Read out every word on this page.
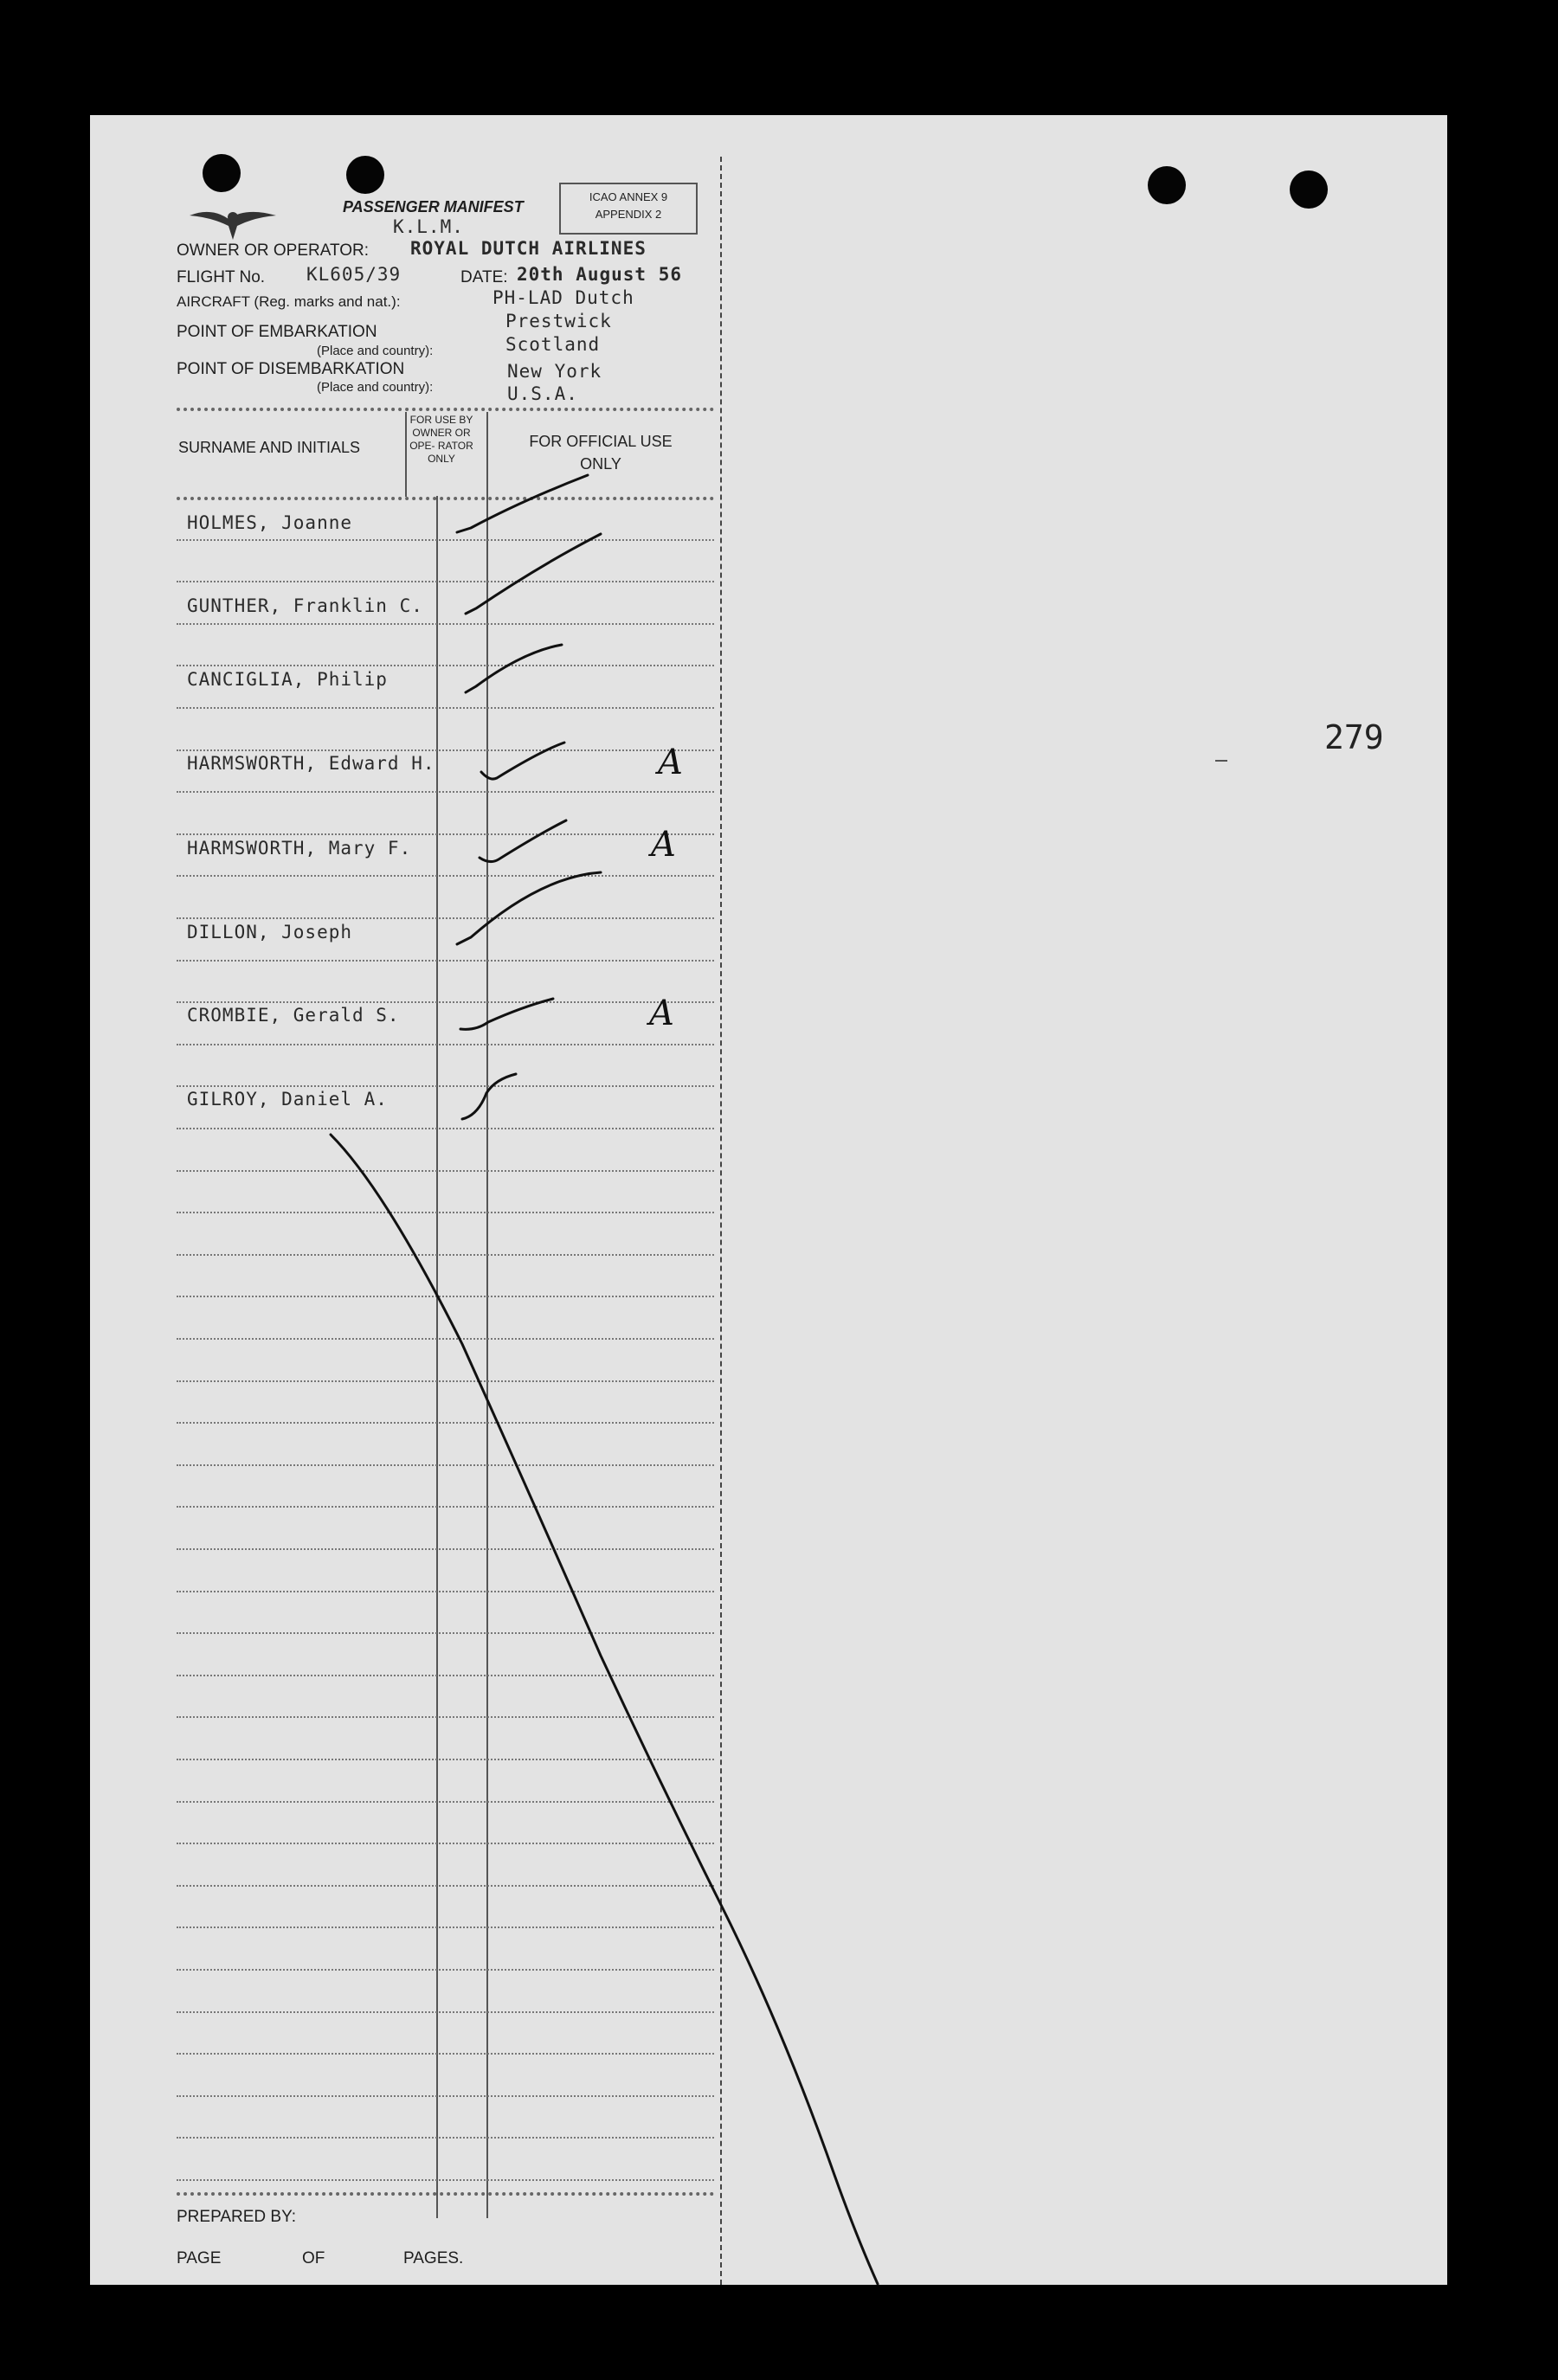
PASSENGER MANIFEST
K.L.M.
ICAO ANNEX 9
APPENDIX 2
OWNER OR OPERATOR: ROYAL DUTCH AIRLINES
FLIGHT No. KL605/39	DATE: 20th August 56
AIRCRAFT (Reg. marks and nat.):	PH-LAD Dutch
POINT OF EMBARKATION
Prestwick
(Place and country):	Scotland
POINT OF DISEMBARKATION	New York
(Place and country):	U.S.A.
SURNAME AND INITIALS
FOR USE BY OWNER OR OPE- RATOR ONLY
FOR OFFICIAL USE ONLY
HOLMES, Joanne
GUNTHER, Franklin C.
CANCIGLIA, Philip
HARMSWORTH, Edward H.	A
HARMSWORTH, Mary F.	A
DILLON, Joseph
CROMBIE, Gerald S.	A
GILROY, Daniel A.
PREPARED BY:
PAGE	OF	PAGES.
279
